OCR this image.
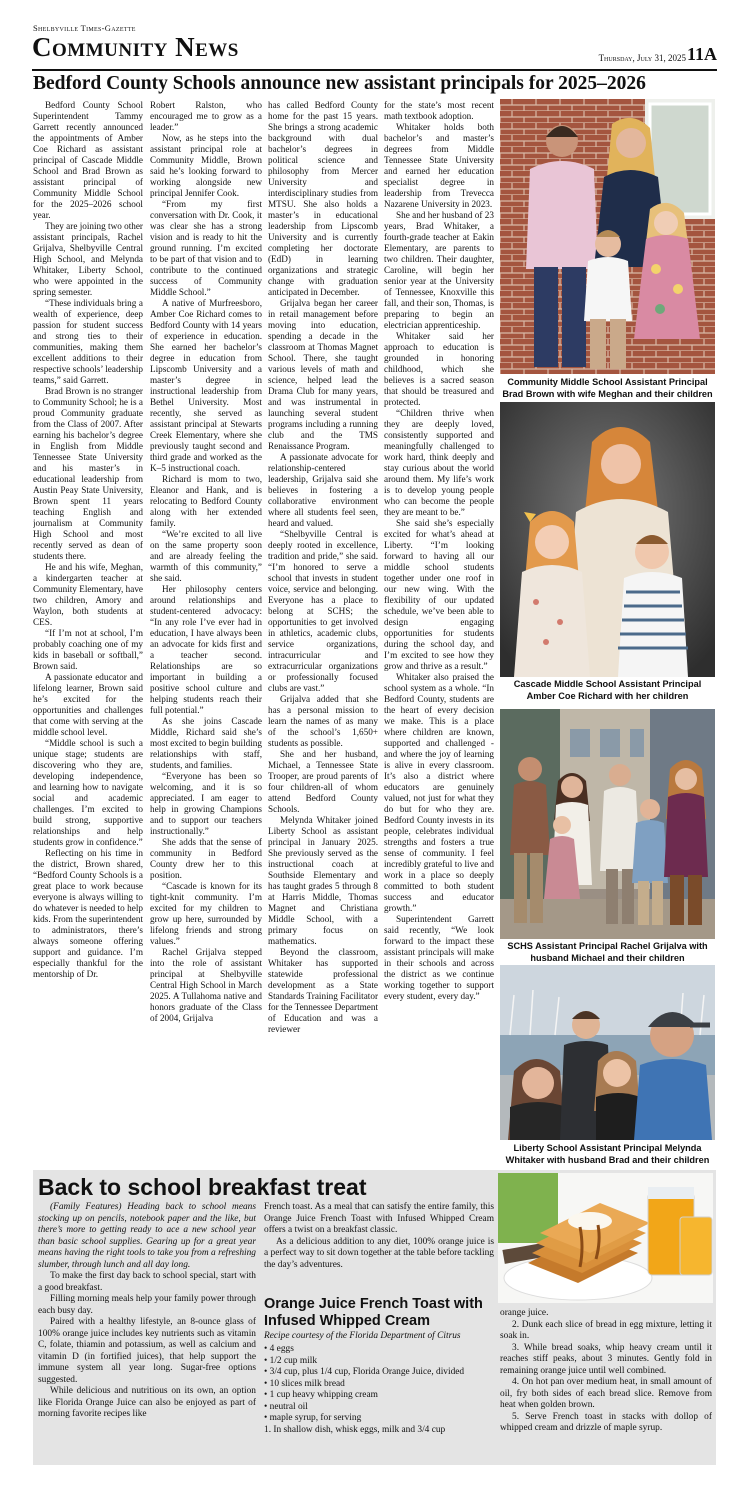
Shelbyville Times-Gazette
Community News	Thursday, July 31, 2025 11A
Bedford County Schools announce new assistant principals for 2025–2026

Bedford County School Superintendent Tammy Garrett recently announced the appointments of Amber Coe Richard as assistant principal of Cascade Middle School and Brad Brown as assistant principal of Community Middle School for the 2025–2026 school year.

They are joining two other assistant principals, Rachel Grijalva, Shelbyville Central High School, and Melynda Whitaker, Liberty School, who were appointed in the spring semester.

“These individuals bring a wealth of experience, deep passion for student success and strong ties to their communities, making them excellent additions to their respective schools’ leadership teams,” said Garrett.

Brad Brown is no stranger to Community School; he is a proud Community graduate from the Class of 2007. After earning his bachelor’s degree in English from Middle Tennessee State University and his master’s in educational leadership from Austin Peay State University, Brown spent 11 years teaching English and journalism at Community High School and most recently served as dean of students there.

He and his wife, Meghan, a kindergarten teacher at Community Elementary, have two children, Amory and Waylon, both students at CES.

“If I’m not at school, I’m probably coaching one of my kids in baseball or softball,” Brown said.

A passionate educator and lifelong learner, Brown said he’s excited for the opportunities and challenges that come with serving at the middle school level.

“Middle school is such a unique stage; students are discovering who they are, developing independence, and learning how to navigate social and academic challenges. I’m excited to build strong, supportive relationships and help students grow in confidence.”

Reflecting on his time in the district, Brown shared, “Bedford County Schools is a great place to work because everyone is always willing to do whatever is needed to help kids. From the superintendent to administrators, there’s always someone offering support and guidance. I’m especially thankful for the mentorship of Dr.

Robert Ralston, who encouraged me to grow as a leader.”

Now, as he steps into the assistant principal role at Community Middle, Brown said he’s looking forward to working alongside new principal Jennifer Cook.

“From my first conversation with Dr. Cook, it was clear she has a strong vision and is ready to hit the ground running. I’m excited to be part of that vision and to contribute to the continued success of Community Middle School.”

A native of Murfreesboro, Amber Coe Richard comes to Bedford County with 14 years of experience in education. She earned her bachelor’s degree in education from Lipscomb University and a master’s degree in instructional leadership from Bethel University. Most recently, she served as assistant principal at Stewarts Creek Elementary, where she previously taught second and third grade and worked as the K–5 instructional coach.

Richard is mom to two, Eleanor and Hank, and is relocating to Bedford County along with her extended family.

“We’re excited to all live on the same property soon and are already feeling the warmth of this community,” she said.

Her philosophy centers around relationships and student-centered advocacy: “In any role I’ve ever had in education, I have always been an advocate for kids first and a teacher second. Relationships are so important in building a positive school culture and helping students reach their full potential.”

As she joins Cascade Middle, Richard said she’s most excited to begin building relationships with staff, students, and families.

“Everyone has been so welcoming, and it is so appreciated. I am eager to help in growing Champions and to support our teachers instructionally.”

She adds that the sense of community in Bedford County drew her to this position.

“Cascade is known for its tight-knit community. I’m excited for my children to grow up here, surrounded by lifelong friends and strong values.”

Rachel Grijalva stepped into the role of assistant principal at Shelbyville Central High School in March 2025. A Tullahoma native and honors graduate of the Class of 2004, Grijalva

has called Bedford County home for the past 15 years. She brings a strong academic background with dual bachelor’s degrees in political science and philosophy from Mercer University and interdisciplinary studies from MTSU. She also holds a master’s in educational leadership from Lipscomb University and is currently completing her doctorate (EdD) in learning organizations and strategic change with graduation anticipated in December.

Grijalva began her career in retail management before moving into education, spending a decade in the classroom at Thomas Magnet School. There, she taught various levels of math and science, helped lead the Drama Club for many years, and was instrumental in launching several student programs including a running club and the TMS Renaissance Program.

A passionate advocate for relationship-centered leadership, Grijalva said she believes in fostering a collaborative environment where all students feel seen, heard and valued.

“Shelbyville Central is deeply rooted in excellence, tradition and pride,” she said. “I’m honored to serve a school that invests in student voice, service and belonging. Everyone has a place to belong at SCHS; the opportunities to get involved in athletics, academic clubs, service organizations, intracurricular and extracurricular organizations or professionally focused clubs are vast.”

Grijalva added that she has a personal mission to learn the names of as many of the school’s 1,650+ students as possible.

She and her husband, Michael, a Tennessee State Trooper, are proud parents of four children-all of whom attend Bedford County Schools.

Melynda Whitaker joined Liberty School as assistant principal in January 2025. She previously served as the instructional coach at Southside Elementary and has taught grades 5 through 8 at Harris Middle, Thomas Magnet and Christiana Middle School, with a primary focus on mathematics.

Beyond the classroom, Whitaker has supported statewide professional development as a State Standards Training Facilitator for the Tennessee Department of Education and was a reviewer

for the state’s most recent math textbook adoption.

Whitaker holds both bachelor’s and master’s degrees from Middle Tennessee State University and earned her education specialist degree in leadership from Trevecca Nazarene University in 2023.

She and her husband of 23 years, Brad Whitaker, a fourth-grade teacher at Eakin Elementary, are parents to two children. Their daughter, Caroline, will begin her senior year at the University of Tennessee, Knoxville this fall, and their son, Thomas, is preparing to begin an electrician apprenticeship.

Whitaker said her approach to education is grounded in honoring childhood, which she believes is a sacred season that should be treasured and protected.

“Children thrive when they are deeply loved, consistently supported and meaningfully challenged to work hard, think deeply and stay curious about the world around them. My life’s work is to develop young people who can become the people they are meant to be.”

She said she’s especially excited for what’s ahead at Liberty. “I’m looking forward to having all our middle school students together under one roof in our new wing. With the flexibility of our updated schedule, we’ve been able to design engaging opportunities for students during the school day, and I’m excited to see how they grow and thrive as a result.”

Whitaker also praised the school system as a whole. “In Bedford County, students are the heart of every decision we make. This is a place where children are known, supported and challenged - and where the joy of learning is alive in every classroom. It’s also a district where educators are genuinely valued, not just for what they do but for who they are. Bedford County invests in its people, celebrates individual strengths and fosters a true sense of community. I feel incredibly grateful to live and work in a place so deeply committed to both student success and educator growth.”

Superintendent Garrett said recently, “We look forward to the impact these assistant principals will make in their schools and across the district as we continue working together to support every student, every day.”

Community Middle School Assistant Principal Brad Brown with wife Meghan and their children
Cascade Middle School Assistant Principal Amber Coe Richard with her children
SCHS Assistant Principal Rachel Grijalva with husband Michael and their children
Liberty School Assistant Principal Melynda Whitaker with husband Brad and their children
Back to school breakfast treat

(Family Features) Heading back to school means stocking up on pencils, notebook paper and the like, but there’s more to getting ready to ace a new school year than basic school supplies. Gearing up for a great year means having the right tools to take you from a refreshing slumber, through lunch and all day long.

To make the first day back to school special, start with a good breakfast.

Filling morning meals help your family power through each busy day.

Paired with a healthy lifestyle, an 8-ounce glass of 100% orange juice includes key nutrients such as vitamin C, folate, thiamin and potassium, as well as calcium and vitamin D (in fortified juices), that help support the immune system all year long. Sugar-free options suggested.

While delicious and nutritious on its own, an option like Florida Orange Juice can also be enjoyed as part of morning favorite recipes like

French toast. As a meal that can satisfy the entire family, this Orange Juice French Toast with Infused Whipped Cream offers a twist on a breakfast classic.

As a delicious addition to any diet, 100% orange juice is a perfect way to sit down together at the table before tackling the day’s adventures.

Orange Juice French Toast with Infused Whipped Cream
Recipe courtesy of the Florida Department of Citrus
• 4 eggs
• 1/2 cup milk
• 3/4 cup, plus 1/4 cup, Florida Orange Juice, divided
• 10 slices milk bread
• 1 cup heavy whipping cream
• neutral oil
• maple syrup, for serving
1. In shallow dish, whisk eggs, milk and 3/4 cup

orange juice.

2. Dunk each slice of bread in egg mixture, letting it soak in.

3. While bread soaks, whip heavy cream until it reaches stiff peaks, about 3 minutes. Gently fold in remaining orange juice until well combined.

4. On hot pan over medium heat, in small amount of oil, fry both sides of each bread slice. Remove from heat when golden brown.

5. Serve French toast in stacks with dollop of whipped cream and drizzle of maple syrup.
